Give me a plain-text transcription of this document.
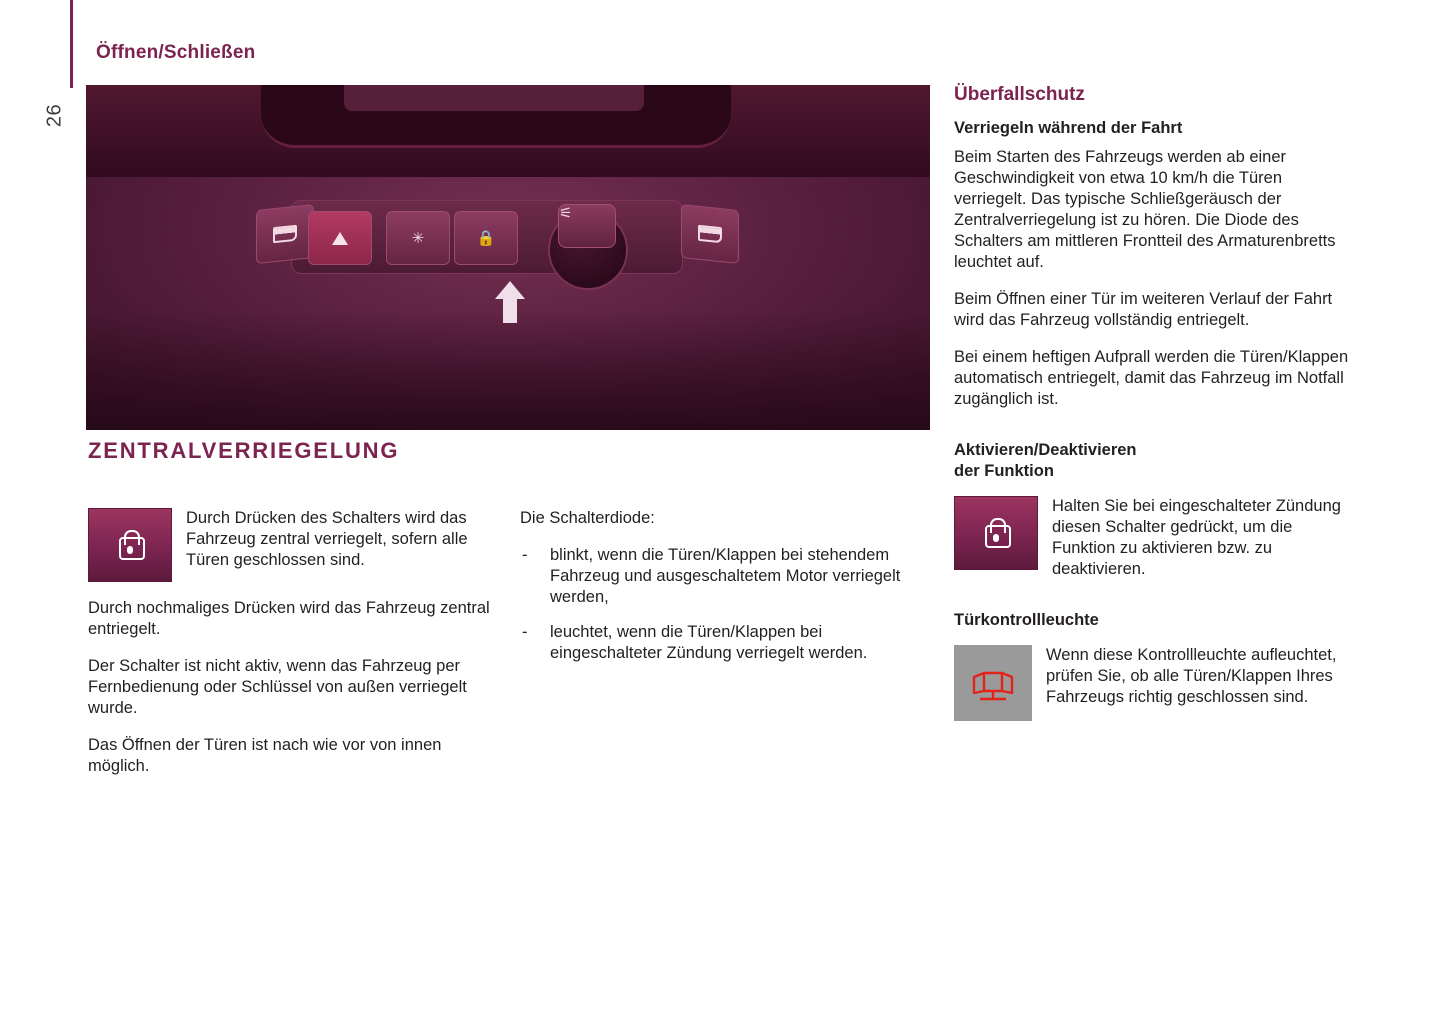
26
Öffnen/Schließen
✳	🔒
⚟
ZENTRALVERRIEGELUNG
Durch Drücken des Schalters wird das Fahrzeug zentral verriegelt, sofern alle Türen geschlossen sind.

Durch nochmaliges Drücken wird das Fahrzeug zentral entriegelt.

Der Schalter ist nicht aktiv, wenn das Fahrzeug per Fernbedienung oder Schlüssel von außen verriegelt wurde.

Das Öffnen der Türen ist nach wie vor von innen möglich.

Die Schalterdiode:

- blinkt, wenn die Türen/Klappen bei stehendem Fahrzeug und ausgeschaltetem Motor verriegelt werden,
- leuchtet, wenn die Türen/Klappen bei eingeschalteter Zündung verriegelt werden.
Überfallschutz
Verriegeln während der Fahrt

Beim Starten des Fahrzeugs werden ab einer Geschwindigkeit von etwa 10 km/h die Türen verriegelt. Das typische Schließgeräusch der Zentralverriegelung ist zu hören. Die Diode des Schalters am mittleren Frontteil des Armaturenbretts leuchtet auf.

Beim Öffnen einer Tür im weiteren Verlauf der Fahrt wird das Fahrzeug vollständig entriegelt.

Bei einem heftigen Aufprall werden die Türen/Klappen automatisch entriegelt, damit das Fahrzeug im Notfall zugänglich ist.

Aktivieren/Deaktivieren
der Funktion
Halten Sie bei eingeschalteter Zündung diesen Schalter gedrückt, um die Funktion zu aktivieren bzw. zu deaktivieren.
Türkontrollleuchte
Wenn diese Kontrollleuchte aufleuchtet, prüfen Sie, ob alle Türen/Klappen Ihres Fahrzeugs richtig geschlossen sind.
